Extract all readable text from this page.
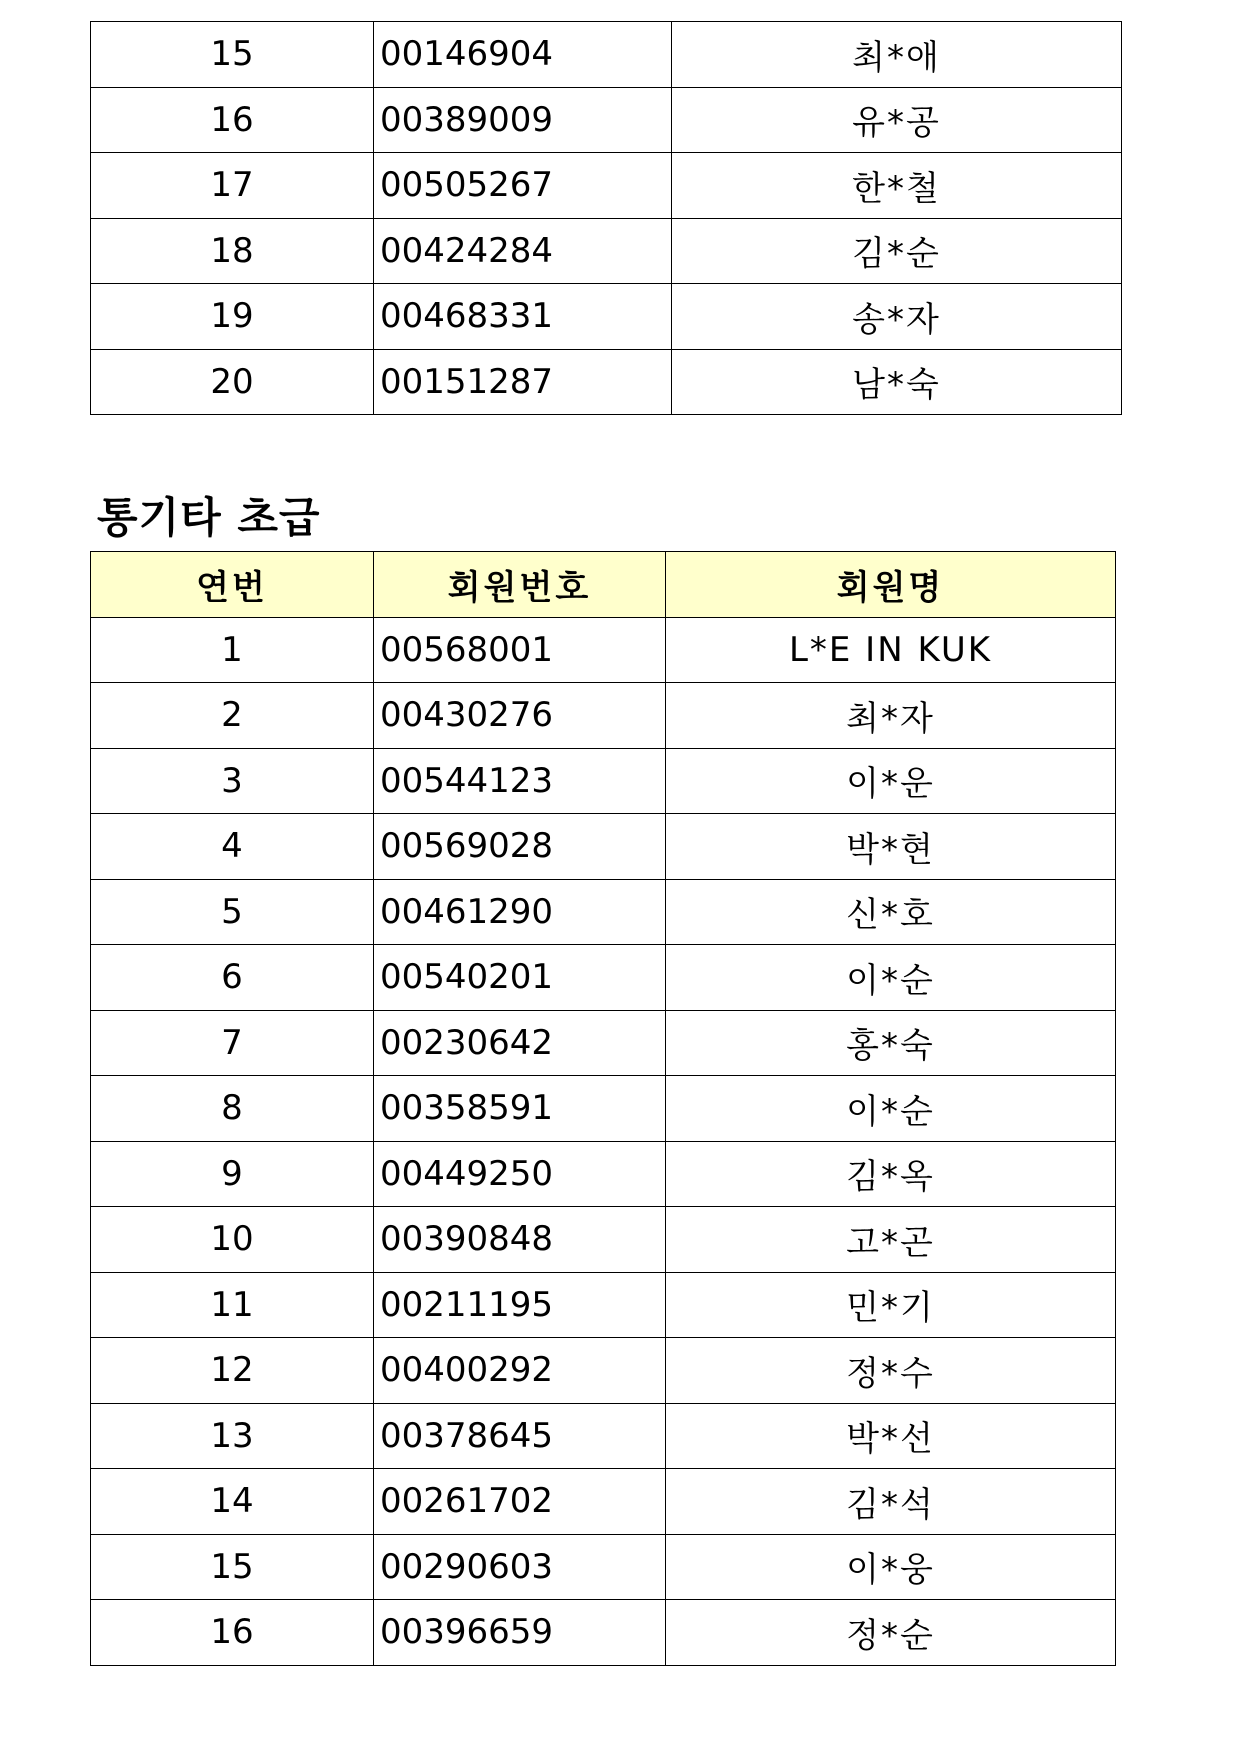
15	00146904	최*애
16	00389009	유*공
17	00505267	한*철
18	00424284	김*순
19	00468331	송*자
20	00151287	남*숙
통기타 초급
연번	회원번호	회원명
1	00568001	L*E IN KUK
2	00430276	최*자
3	00544123	이*운
4	00569028	박*현
5	00461290	신*호
6	00540201	이*순
7	00230642	홍*숙
8	00358591	이*순
9	00449250	김*옥
10	00390848	고*곤
11	00211195	민*기
12	00400292	정*수
13	00378645	박*선
14	00261702	김*석
15	00290603	이*웅
16	00396659	정*순
